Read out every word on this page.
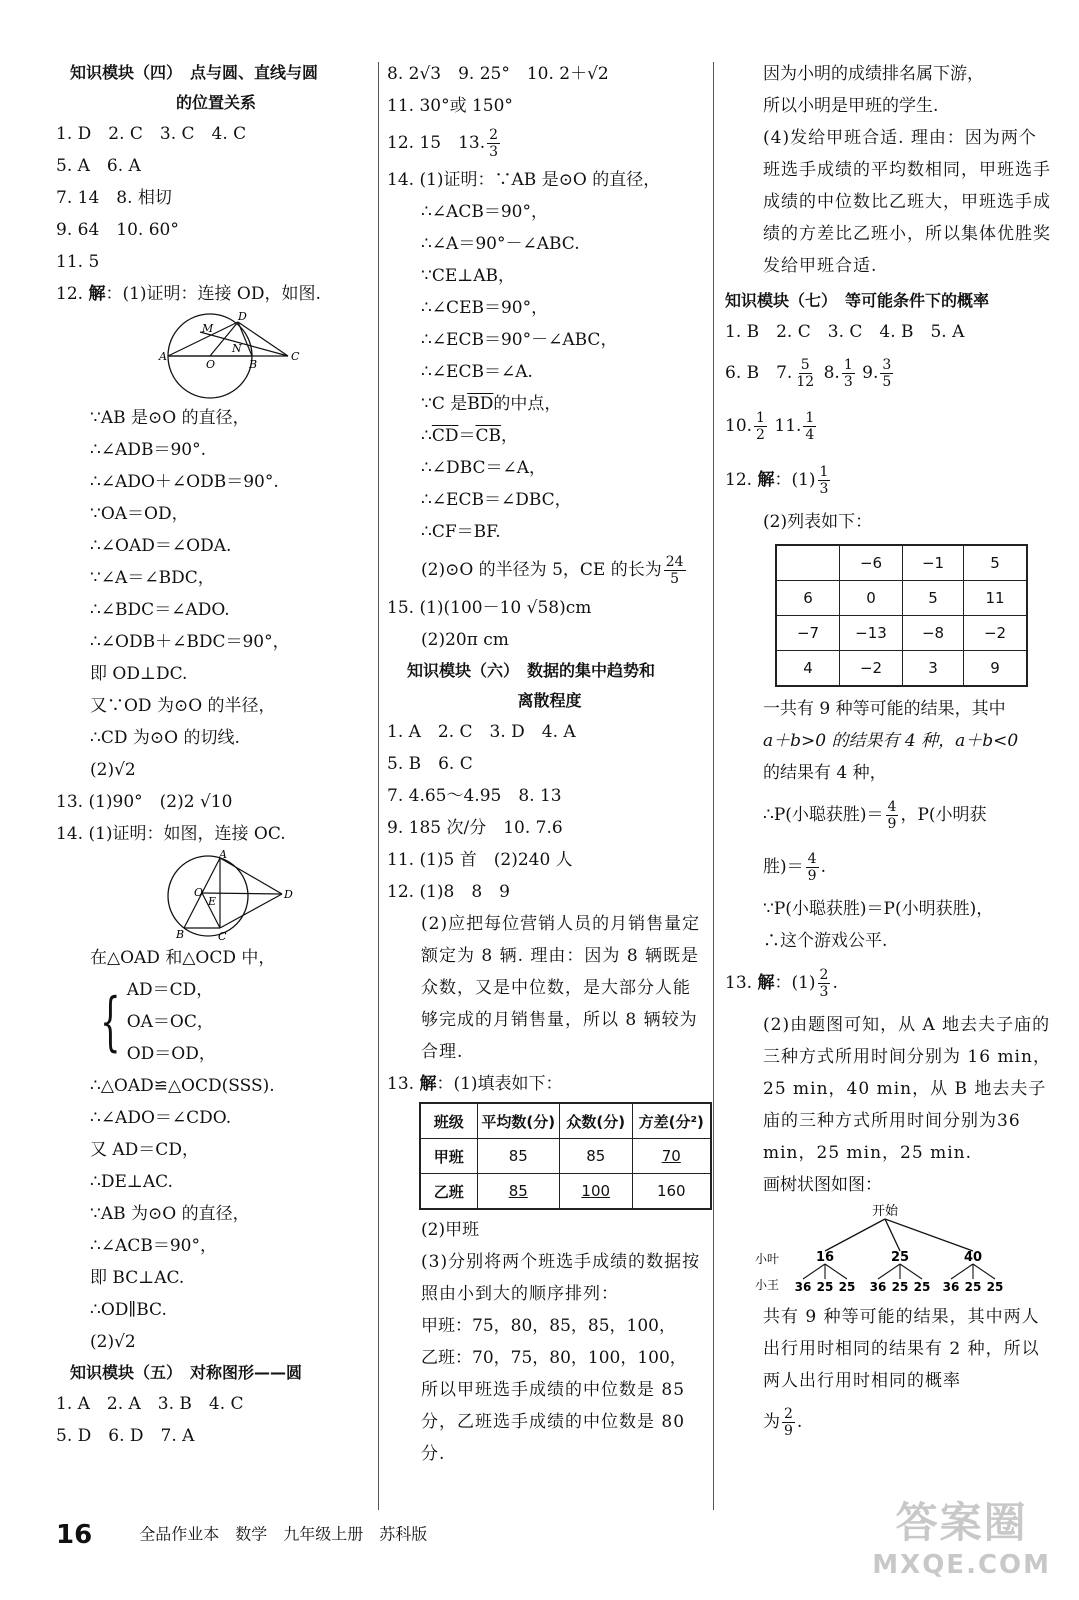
知识模块（四）　点与圆、直线与圆
的位置关系
1. D　2. C　3. C　4. C
5. A　6. A
7. 14　8. 相切
9. 64　10. 60°
11. 5
12. 解：(1)证明：连接 OD，如图.
M
D
A
O
N
B
C
∵AB 是⊙O 的直径，
∴∠ADB＝90°.
∴∠ADO＋∠ODB＝90°.
∵OA＝OD，
∴∠OAD＝∠ODA.
∵∠A＝∠BDC，
∴∠BDC＝∠ADO.
∴∠ODB＋∠BDC＝90°，
即 OD⊥DC.
又∵OD 为⊙O 的半径，
∴CD 为⊙O 的切线.
(2)√2
13. (1)90°　(2)2 √10
14. (1)证明：如图，连接 OC.
A
O
E
D
B	C
在△OAD 和△OCD 中，
{ AD＝CD，
OA＝OC，
OD＝OD，
∴△OAD≌△OCD(SSS).
∴∠ADO＝∠CDO.
又 AD＝CD，
∴DE⊥AC.
∵AB 为⊙O 的直径，
∴∠ACB＝90°，
即 BC⊥AC.
∴OD∥BC.
(2)√2
知识模块（五）　对称图形——圆
1. A　2. A　3. B　4. C
5. D　6. D　7. A
8. 2√3　9. 25°　10. 2＋√2
11. 30°或 150°
12. 15　13. $\frac{2}{3}$
14. (1)证明：∵AB 是⊙O 的直径，
∴∠ACB＝90°，
∴∠A＝90°－∠ABC.
∵CE⊥AB，
∴∠CEB＝90°，
∴∠ECB＝90°－∠ABC，
∴∠ECB＝∠A.
∵C 是$\overline{BD}$的中点，
$\therefore\overline{CD}=\overline{CB}$，
∴∠DBC＝∠A，
∴∠ECB＝∠DBC，
∴CF＝BF.
(2)⊙O 的半径为 5，CE 的长为 $\frac{24}{5}$
15. (1)(100－10 √58)cm
(2)20π cm
知识模块（六）　数据的集中趋势和
离散程度
1. A　2. C　3. D　4. A
5. B　6. C
7. 4.65～4.95　8. 13
9. 185 次/分　10. 7.6
11. (1)5 首　(2)240 人
12. (1)8　8　9
(2)应把每位营销人员的月销售量定额定为 8 辆. 理由：因为 8 辆既是众数，又是中位数，是大部分人能够完成的月销售量，所以 8 辆较为合理.
13. 解：(1)填表如下：
班级	平均数(分)	众数(分)	方差(分²)
甲班	85	85	70
乙班	85	100	160
(2)甲班
(3)分别将两个班选手成绩的数据按照由小到大的顺序排列：
甲班：75，80，85，85，100，
乙班：70，75，80，100，100，
所以甲班选手成绩的中位数是 85 分，乙班选手成绩的中位数是 80 分.
因为小明的成绩排名属下游，
所以小明是甲班的学生.
(4)发给甲班合适. 理由：因为两个班选手成绩的平均数相同，甲班选手成绩的中位数比乙班大，甲班选手成绩的方差比乙班小，所以集体优胜奖发给甲班合适.
知识模块（七）　等可能条件下的概率
1. B　2. C　3. C　4. B　5. A
6. B　7. $\frac{5}{12} 8$. $\frac{1}{3} 9$. $\frac{3}{5}$
10. $\frac{1}{2} 11$. $\frac{1}{4}$
12. 解：$(1) \frac{1}{3}$
(2)列表如下：
	−6	−1	5
6	0	5	11
−7	−13	−8	−2
4	−2	3	9
一共有 9 种等可能的结果，其中
a＋b>0 的结果有 4 种，a＋b<0
的结果有 4 种，
∴P(小聪获胜)＝ $\frac{4}{9}$ ，P(小明获
胜)＝ $\frac{4}{9}$ .
∵P(小聪获胜)＝P(小明获胜)，
∴这个游戏公平.
13. 解：$(1) \frac{2}{3}$ .
(2)由题图可知，从 A 地去夫子庙的三种方式所用时间分别为 16 min，25 min，40 min，从 B 地去夫子庙的三种方式所用时间分别为36 min，25 min，25 min.
画树状图如图：
开始
小叶
小王
16	25	40
36 25 25 36 25 25 36 25 25
共有 9 种等可能的结果，其中两人出行用时相同的结果有 2 种，所以两人出行用时相同的概率
为 $\frac{2}{9}$ .
16	全品作业本　数学　九年级上册　苏科版	答案圈
MXQE.COM
